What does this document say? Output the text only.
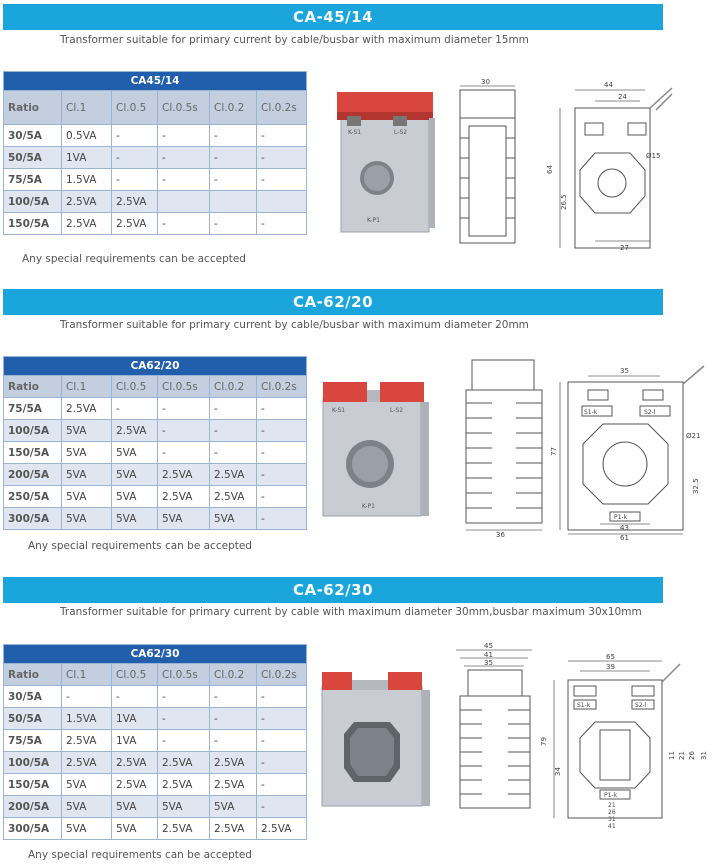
CA-45/14
Transformer suitable for primary current by cable/busbar with maximum diameter 15mm
CA45/14					
Ratio	Cl.1	Cl.0.5	Cl.0.5s	Cl.0.2	Cl.0.2s
30/5A	0.5VA	-	-	-	-
50/5A	1VA	-	-	-	-
75/5A	1.5VA	-	-	-	-
100/5A	2.5VA	2.5VA			
150/5A	2.5VA	2.5VA	-	-	-
Any special requirements can be accepted
K-S1	L-S2
K-P1
30	44
24
Ø15
64
26.5
27
CA-62/20
Transformer suitable for primary current by cable/busbar with maximum diameter 20mm
CA62/20					
Ratio	Cl.1	Cl.0.5	Cl.0.5s	Cl.0.2	Cl.0.2s
75/5A	2.5VA	-	-	-	-
100/5A	5VA	2.5VA	-	-	-
150/5A	5VA	5VA	-	-	-
200/5A	5VA	5VA	2.5VA	2.5VA	-
250/5A	5VA	5VA	2.5VA	2.5VA	-
300/5A	5VA	5VA	5VA	5VA	-
Any special requirements can be accepted
K-S1	L-S2
K-P1
36
35
S1-k	S2-l
Ø21
77
32.5
P1-k
43
61
CA-62/30
Transformer suitable for primary current by cable with maximum diameter 30mm,busbar maximum 30x10mm
CA62/30					
Ratio	Cl.1	Cl.0.5	Cl.0.5s	Cl.0.2	Cl.0.2s
30/5A	-	-	-	-	-
50/5A	1.5VA	1VA	-	-	-
75/5A	2.5VA	1VA	-	-	-
100/5A	2.5VA	2.5VA	2.5VA	2.5VA	-
150/5A	5VA	2.5VA	2.5VA	2.5VA	-
200/5A	5VA	5VA	5VA	5VA	-
300/5A	5VA	5VA	2.5VA	2.5VA	2.5VA
Any special requirements can be accepted
45
41
35
65
39
S1-k	S2-l
79
34
11 21 26 31
P1-k
21
26
31
41
